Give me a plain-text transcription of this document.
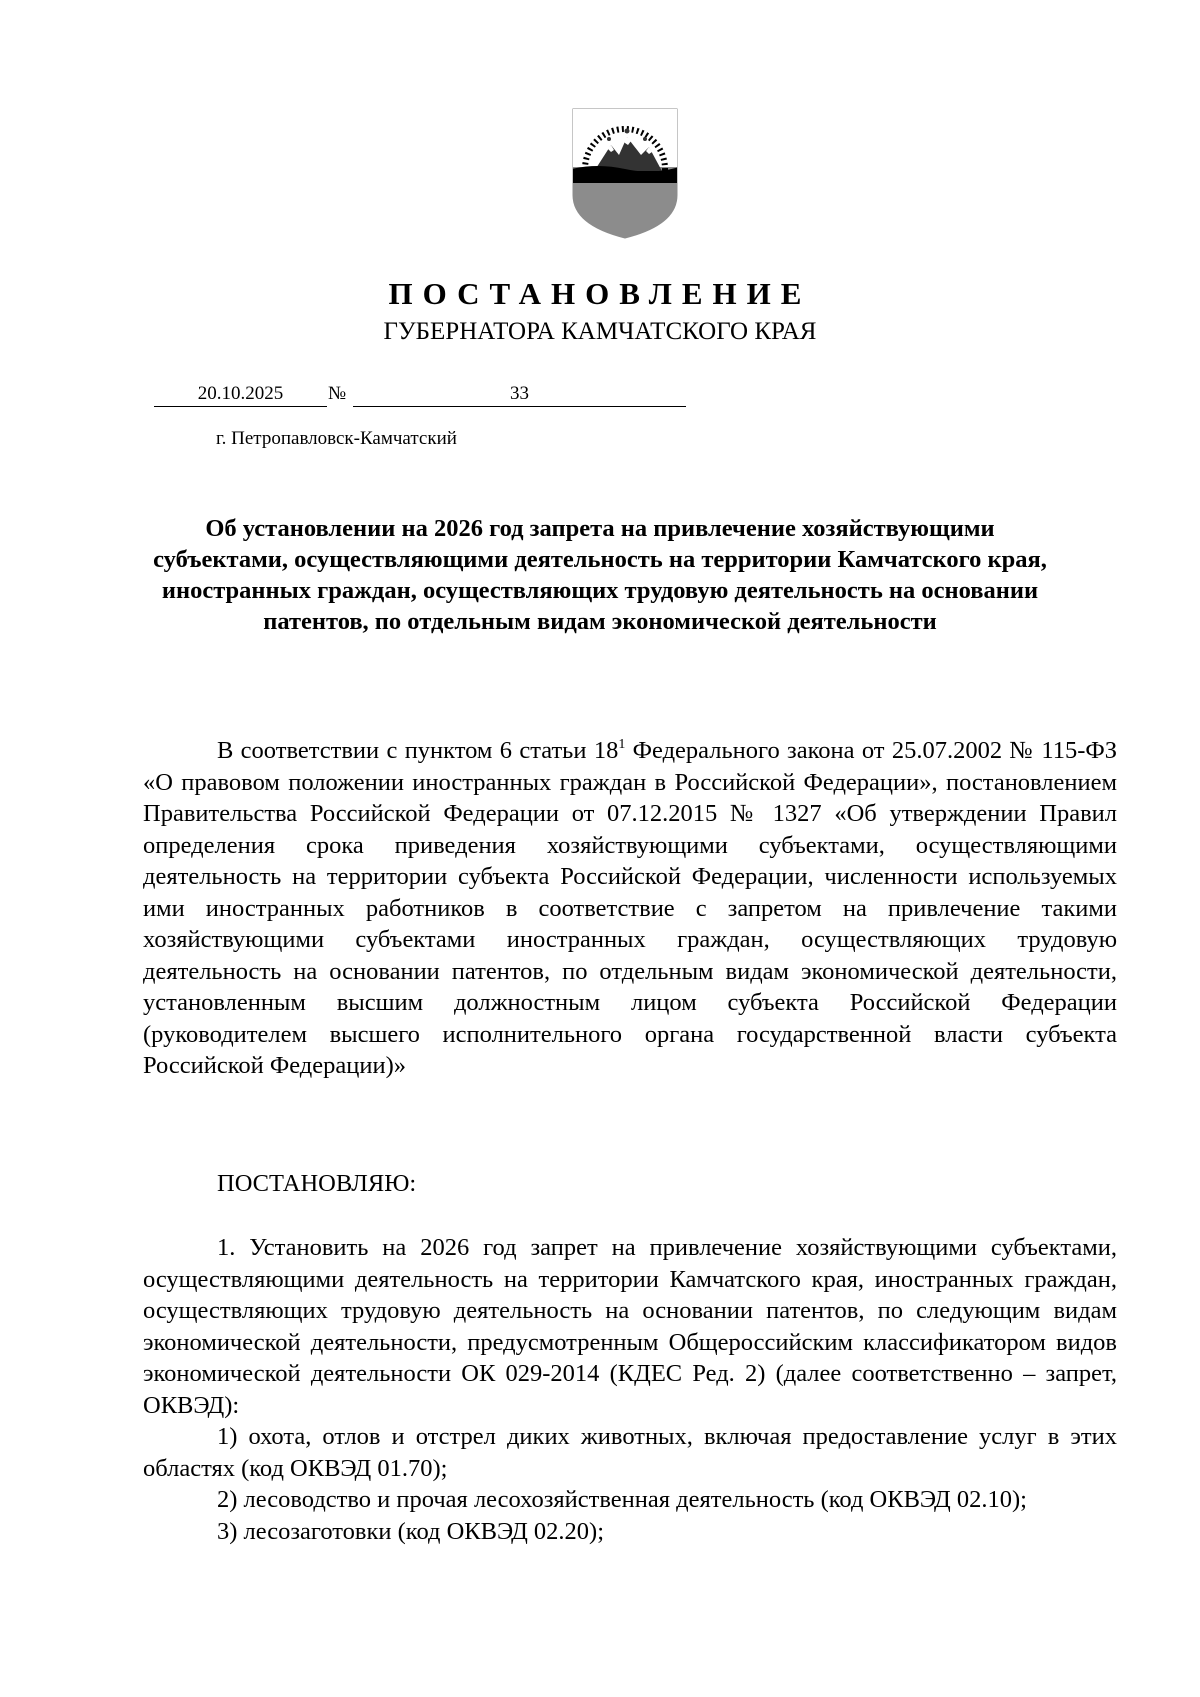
ПОСТАНОВЛЕНИЕ
ГУБЕРНАТОРА КАМЧАТСКОГО КРАЯ
20.10.2025	№	33
г. Петропавловск-Камчатский

Об установлении на 2026 год запрета на привлечение хозяйствующими субъектами, осуществляющими деятельность на территории Камчатского края, иностранных граждан, осуществляющих трудовую деятельность на основании патентов, по отдельным видам экономической деятельности

В соответствии с пунктом 6 статьи $18^1$ Федерального закона от 25.07.2002 № 115-ФЗ «О правовом положении иностранных граждан в Российской Федерации», постановлением Правительства Российской Федерации от 07.12.2015 № 1327 «Об утверждении Правил определения срока приведения хозяйствующими субъектами, осуществляющими деятельность на территории субъекта Российской Федерации, численности используемых ими иностранных работников в соответствие с запретом на привлечение такими хозяйствующими субъектами иностранных граждан, осуществляющих трудовую деятельность на основании патентов, по отдельным видам экономической деятельности, установленным высшим должностным лицом субъекта Российской Федерации (руководителем высшего исполнительного органа государственной власти субъекта Российской Федерации)»

ПОСТАНОВЛЯЮ:

1. Установить на 2026 год запрет на привлечение хозяйствующими субъектами, осуществляющими деятельность на территории Камчатского края, иностранных граждан, осуществляющих трудовую деятельность на основании патентов, по следующим видам экономической деятельности, предусмотренным Общероссийским классификатором видов экономической деятельности ОК 029-2014 (КДЕС Ред. 2) (далее соответственно – запрет, ОКВЭД):

1) охота, отлов и отстрел диких животных, включая предоставление услуг в этих областях (код ОКВЭД 01.70);

2) лесоводство и прочая лесохозяйственная деятельность (код ОКВЭД 02.10);

3) лесозаготовки (код ОКВЭД 02.20);
